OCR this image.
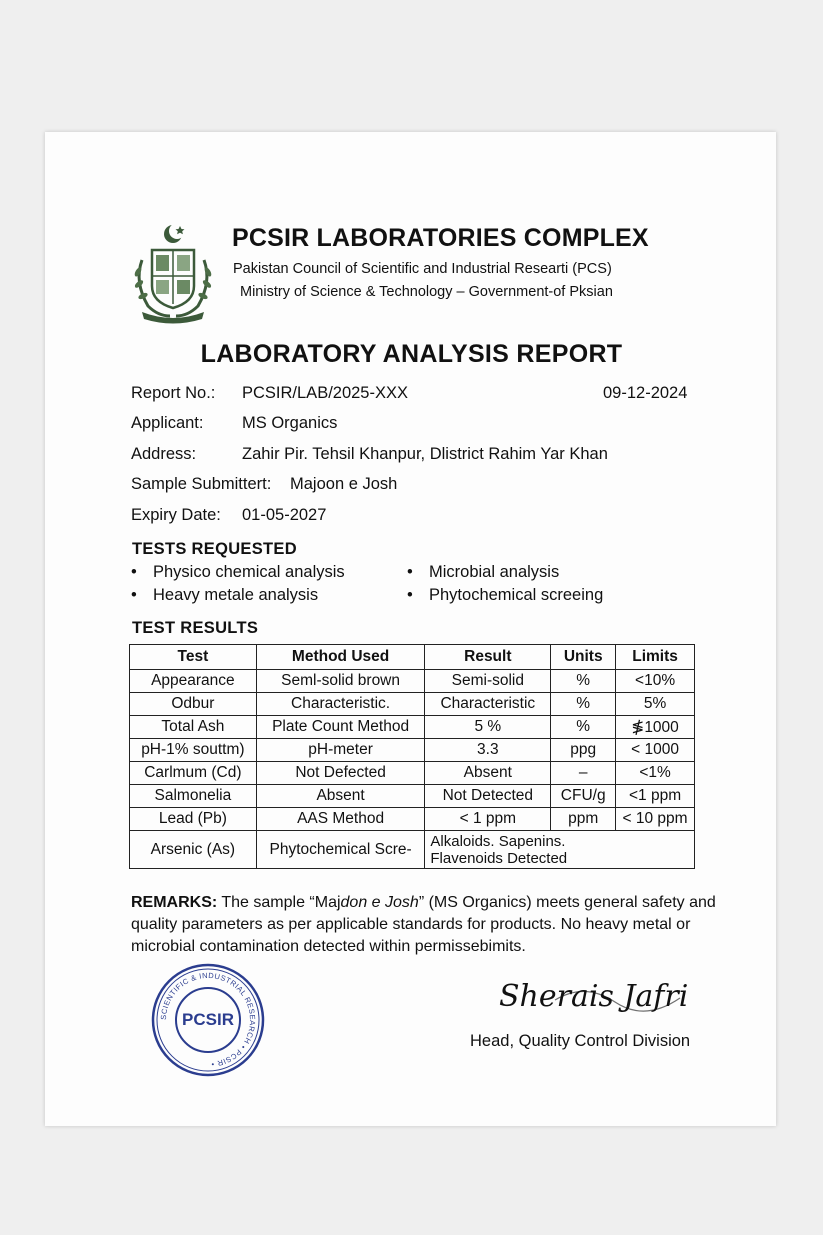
PCSIR LABORATORIES COMPLEX
Pakistan Council of Scientific and Industrial Researti (PCS)
Ministry of Science & Technology – Government-of Pksian
LABORATORY ANALYSIS REPORT
Report No.: PCSIR/LAB/2025-XXX	09-12-2024
Applicant: MS Organics
Address:	Zahir Pir. Tehsil Khanpur, Dlistrict Rahim Yar Khan
Sample Submittert: Majoon e Josh
Expiry Date: 01-05-2027
TESTS REQUESTED
• Physico chemical analysis	• Microbial analysis
• Heavy metale analysis	• Phytochemical screeing
TEST RESULTS
Test	Method Used	Result	Units	Limits
Appearance	Seml-solid brown	Semi-solid	%	<10%
Odbur	Characteristic.	Characteristic	%	5%
Total Ash	Plate Count Method	5 %	%	≸1000
pH-1% souttm)	pH-meter	3.3	ppg	< 1000
Carlmum (Cd)	Not Defected	Absent	–	<1%
Salmonelia	Absent	Not Detected	CFU/g	<1 ppm
Lead (Pb)	AAS Method	< 1 ppm	ppm	< 10 ppm
Arsenic (As)	Phytochemical Scre-	Alkaloids. Sapenins.
Flavenoids Detected		
REMARKS: The sample “Majdon e Josh” (MS Organics) meets general safety and quality parameters as per applicable standards for products. No heavy metal or microbial contamination detected within permissebimits.
SCIENTIFIC & INDUSTRIAL RESEARCH • PCSIR •
PCSIR
Sherais Jafri
Head, Quality Control Division
